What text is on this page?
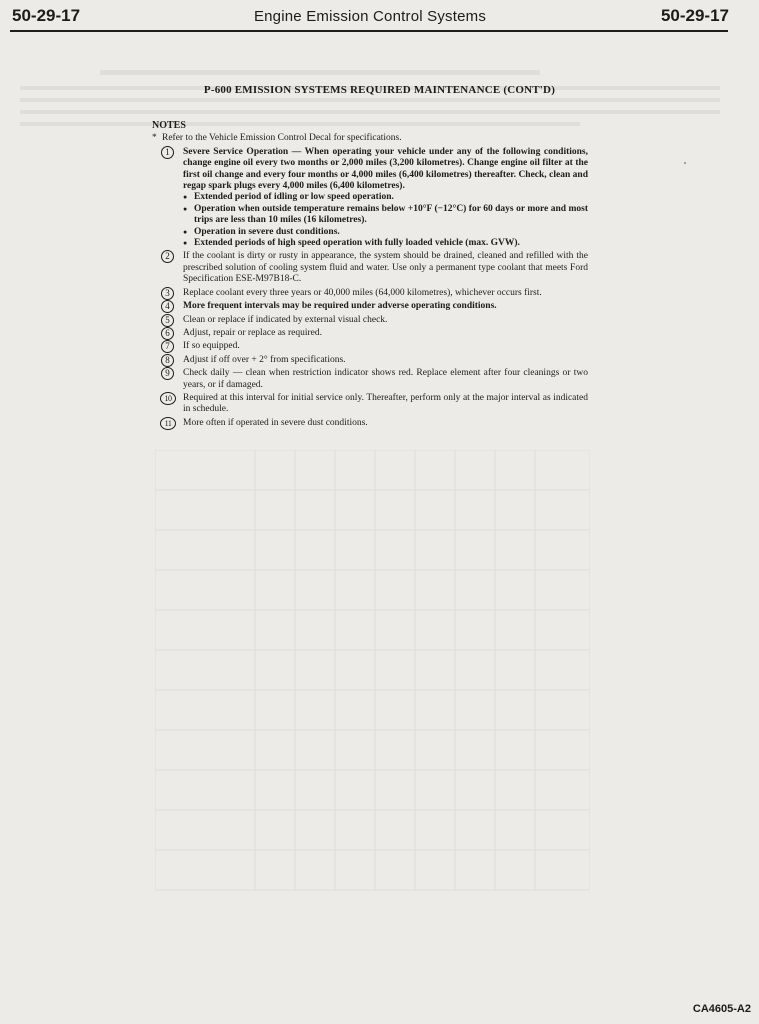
50-29-17	Engine Emission Control Systems	50-29-17
P-600 EMISSION SYSTEMS REQUIRED MAINTENANCE (CONT'D)
NOTES
* Refer to the Vehicle Emission Control Decal for specifications.
1	Severe Service Operation — When operating your vehicle under any of the following conditions, change engine oil every two months or 2,000 miles (3,200 kilometres). Change engine oil filter at the first oil change and every four months or 4,000 miles (6,400 kilometres) thereafter. Check, clean and regap spark plugs every 4,000 miles (6,400 kilometres).
● Extended period of idling or low speed operation.
● Operation when outside temperature remains below +10°F (−12°C) for 60 days or more and most trips are less than 10 miles (16 kilometres).
● Operation in severe dust conditions.
● Extended periods of high speed operation with fully loaded vehicle (max. GVW).
2	If the coolant is dirty or rusty in appearance, the system should be drained, cleaned and refilled with the prescribed solution of cooling system fluid and water. Use only a permanent type coolant that meets Ford Specification ESE-M97B18-C.
3	Replace coolant every three years or 40,000 miles (64,000 kilometres), whichever occurs first.
4	More frequent intervals may be required under adverse operating conditions.
5	Clean or replace if indicated by external visual check.
6	Adjust, repair or replace as required.
7	If so equipped.
8	Adjust if off over + 2° from specifications.
9	Check daily — clean when restriction indicator shows red. Replace element after four cleanings or two years, or if damaged.
10	Required at this interval for initial service only. Thereafter, perform only at the major interval as indicated in schedule.
11	More often if operated in severe dust conditions.
CA4605-A2
